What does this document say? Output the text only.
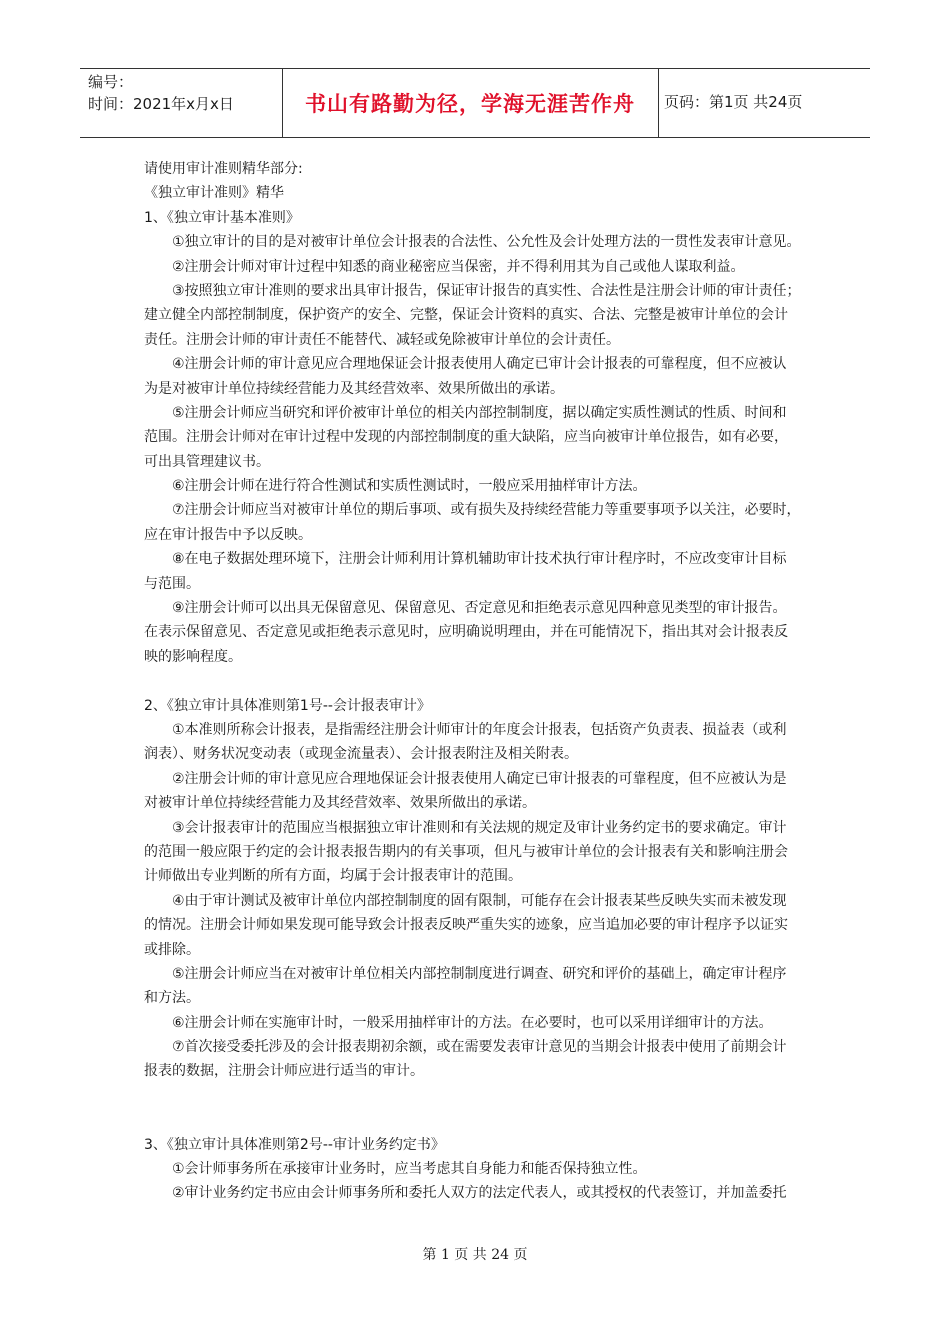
编号：
时间：2021年x月x日	书山有路勤为径，学海无涯苦作舟	页码：第1页 共24页
请使用审计准则精华部分:
《独立审计准则》精华
1、《独立审计基本准则》
①独立审计的目的是对被审计单位会计报表的合法性、公允性及会计处理方法的一贯性发表审计意见。
②注册会计师对审计过程中知悉的商业秘密应当保密，并不得利用其为自己或他人谋取利益。
③按照独立审计准则的要求出具审计报告，保证审计报告的真实性、合法性是注册会计师的审计责任；
建立健全内部控制制度，保护资产的安全、完整，保证会计资料的真实、合法、完整是被审计单位的会计
责任。注册会计师的审计责任不能替代、减轻或免除被审计单位的会计责任。
④注册会计师的审计意见应合理地保证会计报表使用人确定已审计会计报表的可靠程度，但不应被认
为是对被审计单位持续经营能力及其经营效率、效果所做出的承诺。
⑤注册会计师应当研究和评价被审计单位的相关内部控制制度，据以确定实质性测试的性质、时间和
范围。注册会计师对在审计过程中发现的内部控制制度的重大缺陷，应当向被审计单位报告，如有必要，
可出具管理建议书。
⑥注册会计师在进行符合性测试和实质性测试时，一般应采用抽样审计方法。
⑦注册会计师应当对被审计单位的期后事项、或有损失及持续经营能力等重要事项予以关注，必要时，
应在审计报告中予以反映。
⑧在电子数据处理环境下，注册会计师利用计算机辅助审计技术执行审计程序时，不应改变审计目标
与范围。
⑨注册会计师可以出具无保留意见、保留意见、否定意见和拒绝表示意见四种意见类型的审计报告。
在表示保留意见、否定意见或拒绝表示意见时，应明确说明理由，并在可能情况下，指出其对会计报表反
映的影响程度。
2、《独立审计具体准则第1号--会计报表审计》
①本准则所称会计报表，是指需经注册会计师审计的年度会计报表，包括资产负责表、损益表（或利
润表）、财务状况变动表（或现金流量表）、会计报表附注及相关附表。
②注册会计师的审计意见应合理地保证会计报表使用人确定已审计报表的可靠程度，但不应被认为是
对被审计单位持续经营能力及其经营效率、效果所做出的承诺。
③会计报表审计的范围应当根据独立审计准则和有关法规的规定及审计业务约定书的要求确定。审计
的范围一般应限于约定的会计报表报告期内的有关事项，但凡与被审计单位的会计报表有关和影响注册会
计师做出专业判断的所有方面，均属于会计报表审计的范围。
④由于审计测试及被审计单位内部控制制度的固有限制，可能存在会计报表某些反映失实而未被发现
的情况。注册会计师如果发现可能导致会计报表反映严重失实的迹象，应当追加必要的审计程序予以证实
或排除。
⑤注册会计师应当在对被审计单位相关内部控制制度进行调查、研究和评价的基础上，确定审计程序
和方法。
⑥注册会计师在实施审计时，一般采用抽样审计的方法。在必要时，也可以采用详细审计的方法。
⑦首次接受委托涉及的会计报表期初余额，或在需要发表审计意见的当期会计报表中使用了前期会计
报表的数据，注册会计师应进行适当的审计。
3、《独立审计具体准则第2号--审计业务约定书》
①会计师事务所在承接审计业务时，应当考虑其自身能力和能否保持独立性。
②审计业务约定书应由会计师事务所和委托人双方的法定代表人，或其授权的代表签订，并加盖委托
第 1 页 共 24 页
